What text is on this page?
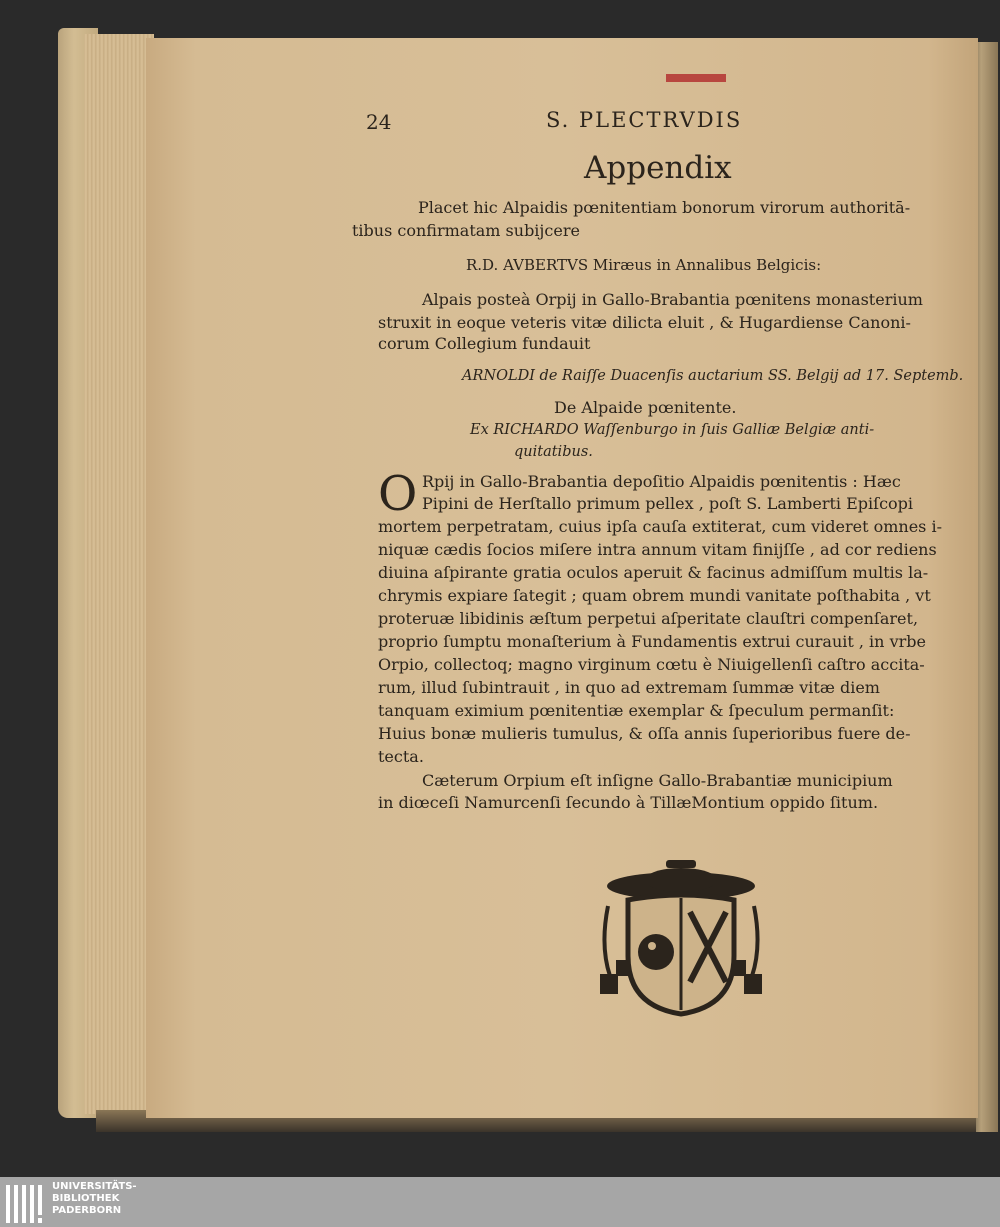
24	S. PLECTRVDIS
Appendix
Placet hic Alpaidis pœnitentiam bonorum virorum authoritā-
tibus confirmatam subijcere
R.D. AVBERTVS Miræus in Annalibus Belgicis:
Alpais posteà Orpij in Gallo-Brabantia pœnitens monasterium
struxit in eoque veteris vitæ dilicta eluit , & Hugardiense Canoni-
corum Collegium fundauit
ARNOLDI de Raiſſe Duacenſis auctarium SS. Belgij ad 17. Septemb.
De Alpaide pœnitente.
Ex RICHARDO Waſſenburgo in ſuis Galliæ Belgiæ anti-
quitatibus.
O Rpij in Gallo-Brabantia depoſitio Alpaidis pœnitentis : Hæc
Pipini de Herſtallo primum pellex , poſt S. Lamberti Epiſcopi
mortem perpetratam, cuius ipſa cauſa extiterat, cum videret omnes i-
niquæ cædis ſocios miſere intra annum vitam finijſſe , ad cor rediens
diuina aſpirante gratia oculos aperuit & facinus admiſſum multis la-
chrymis expiare ſategit ; quam obrem mundi vanitate poſthabita , vt
proteruæ libidinis æſtum perpetui aſperitate clauſtri compenſaret,
proprio ſumptu monaſterium à Fundamentis extrui curauit , in vrbe
Orpio, collectoq; magno virginum cœtu è Niuigellenſi caſtro accita-
rum, illud ſubintrauit , in quo ad extremam ſummæ vitæ diem
tanquam eximium pœnitentiæ exemplar & ſpeculum permanſit:
Huius bonæ mulieris tumulus, & oſſa annis ſuperioribus fuere de-
tecta.
Cæterum Orpium eſt inſigne Gallo-Brabantiæ municipium
in diœceſi Namurcenſi ſecundo à TillæMontium oppido ſitum.
UNIVERSITÄTS-
BIBLIOTHEK
PADERBORN
